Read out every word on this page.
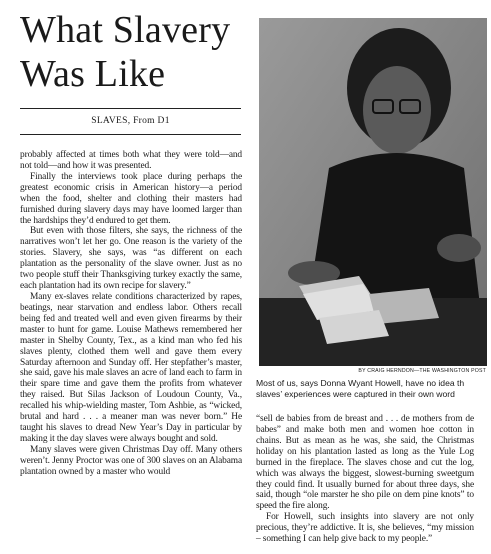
What Slavery
Was Like
SLAVES, From D1

probably affected at times both what they were told—and not told—and how it was presented.

Finally the interviews took place during perhaps the greatest economic crisis in American history—a period when the food, shelter and clothing their masters had furnished during slavery days may have loomed larger than the hardships they’d endured to get them.

But even with those filters, she says, the richness of the narratives won’t let her go. One reason is the variety of the stories. Slavery, she says, was “as different on each plantation as the personality of the slave owner. Just as no two people stuff their Thanksgiving turkey exactly the same, each plantation had its own recipe for slavery.”

Many ex-slaves relate conditions characterized by rapes, beatings, near starvation and endless labor. Others recall being fed and treated well and even given firearms by their master to hunt for game. Louise Mathews remembered her master in Shelby County, Tex., as a kind man who fed his slaves plenty, clothed them well and gave them every Saturday afternoon and Sunday off. Her stepfather’s master, she said, gave his male slaves an acre of land each to farm in their spare time and gave them the profits from whatever they raised. But Silas Jackson of Loudoun County, Va., recalled his whip-wielding master, Tom Ashbie, as “wicked, brutal and hard . . . a meaner man was never born.” He taught his slaves to dread New Year’s Day in particular by making it the day slaves were always bought and sold.

Many slaves were given Christmas Day off. Many others weren’t. Jenny Proctor was one of 300 slaves on an Alabama plantation owned by a master who would

BY CRAIG HERNDON—THE WASHINGTON POST
Most of us, says Donna Wyant Howell, have no idea th
slaves’ experiences were captured in their own word

“sell de babies from de breast and . . . de mothers from de babes” and make both men and women hoe cotton in chains. But as mean as he was, she said, the Christmas holiday on his plantation lasted as long as the Yule Log burned in the fireplace. The slaves chose and cut the log, which was always the biggest, slowest-burning sweetgum they could find. It usually burned for about three days, she said, though “ole marster he sho pile on dem pine knots” to speed the fire along.

For Howell, such insights into slavery are not only precious, they’re addictive. It is, she believes, “my mission – something I can help give back to my people.”
